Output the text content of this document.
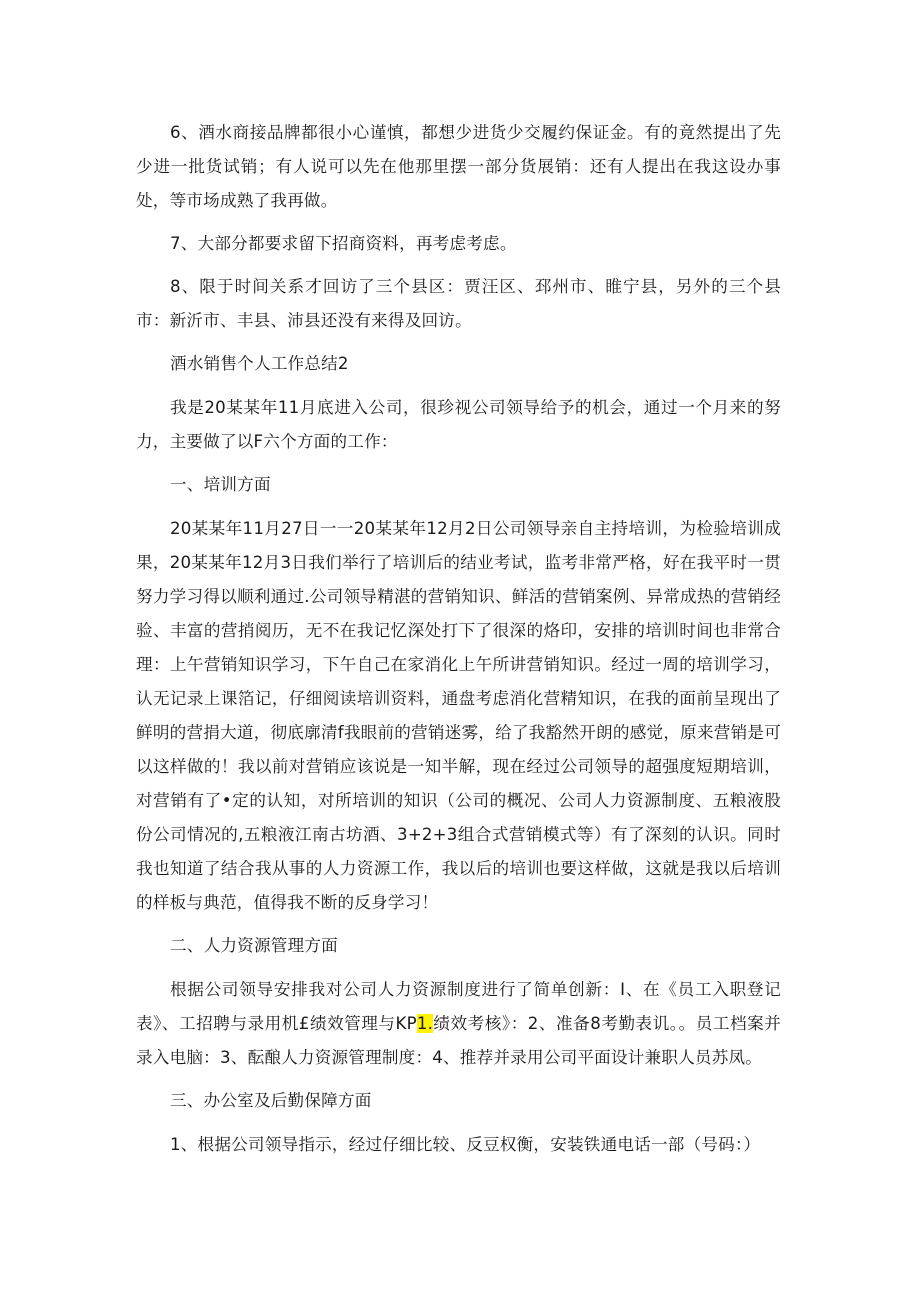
6、酒水商接品牌都很小心谨慎，都想少进货少交履约保证金。有的竟然提出了先少进一批货试销；有人说可以先在他那里摆一部分货展销：还有人提出在我这设办事处，等市场成熟了我再做。

7、大部分都要求留下招商资料，再考虑考虑。

8、限于时间关系才回访了三个县区：贾汪区、邳州市、睢宁县，另外的三个县市：新沂市、丰县、沛县还没有来得及回访。

酒水销售个人工作总结2

我是20某某年11月底进入公司，很珍视公司领导给予的机会，通过一个月来的努力，主要做了以F六个方面的工作：

一、培训方面

20某某年11月27日一一20某某年12月2日公司领导亲自主持培训，为检验培训成果，20某某年12月3日我们举行了培训后的结业考试，监考非常严格，好在我平时一贯努力学习得以顺利通过.公司领导精湛的营销知识、鲜活的营销案例、异常成热的营销经验、丰富的营捎阅历，无不在我记忆深处打下了很深的烙印，安排的培训时间也非常合理：上午营销知识学习，下午自己在家消化上午所讲营销知识。经过一周的培训学习，认无记录上课箔记，仔细阅读培训资料，通盘考虑消化营精知识，在我的面前呈现出了鲜明的营捐大道，彻底廓清f我眼前的营销迷雾，给了我豁然开朗的感觉，原来营销是可以这样做的！我以前对营销应该说是一知半解，现在经过公司领导的超强度短期培训，对营销有了•定的认知，对所培训的知识（公司的概况、公司人力资源制度、五粮液股份公司情况的,五粮液江南古坊酒、3+2+3组合式营销模式等）有了深刻的认识。同时我也知道了结合我从事的人力资源工作，我以后的培训也要这样做，这就是我以后培训的样板与典范，值得我不断的反身学习！

二、人力资源管理方面

根据公司领导安排我对公司人力资源制度进行了简单创新：I、在《员工入职登记表》、工招聘与录用机£绩效管理与KP1.绩效考核》：2、准备8考勤表讥。。员工档案并录入电脑：3、酝酿人力资源管理制度：4、推荐并录用公司平面设计兼职人员苏凤。

三、办公室及后勤保障方面

1、根据公司领导指示，经过仔细比较、反豆权衡，安装铁通电话一部（号码：）
